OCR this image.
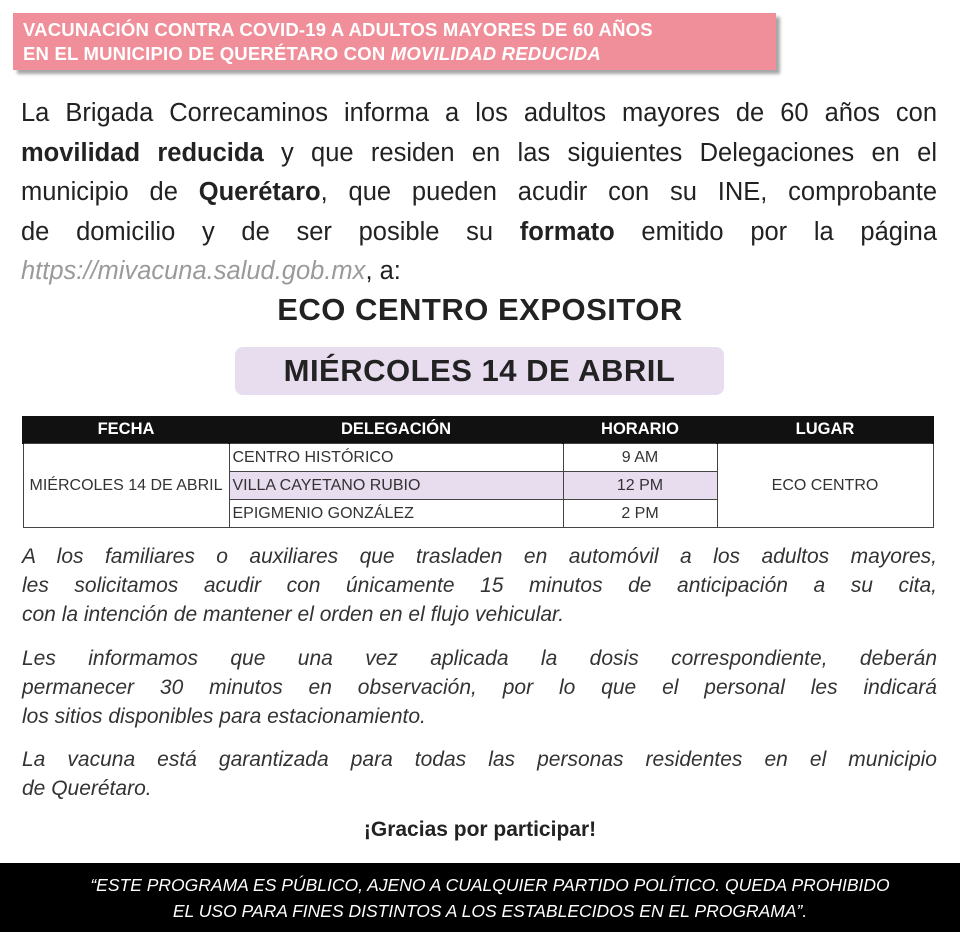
VACUNACIÓN CONTRA COVID-19 A ADULTOS MAYORES DE 60 AÑOS
EN EL MUNICIPIO DE QUERÉTARO CON MOVILIDAD REDUCIDA
La Brigada Correcaminos informa a los adultos mayores de 60 años con
movilidad reducida y que residen en las siguientes Delegaciones en el
municipio de Querétaro, que pueden acudir con su INE, comprobante
de domicilio y de ser posible su formato emitido por la página
https://mivacuna.salud.gob.mx, a:
ECO CENTRO EXPOSITOR
MIÉRCOLES 14 DE ABRIL
FECHA	DELEGACIÓN	HORARIO	LUGAR
MIÉRCOLES 14 DE ABRIL	CENTRO HISTÓRICO	9 AM	ECO CENTRO
	VILLA CAYETANO RUBIO	12 PM	
	EPIGMENIO GONZÁLEZ	2 PM	
A los familiares o auxiliares que trasladen en automóvil a los adultos mayores,
les solicitamos acudir con únicamente 15 minutos de anticipación a su cita,
con la intención de mantener el orden en el flujo vehicular.
Les informamos que una vez aplicada la dosis correspondiente, deberán
permanecer 30 minutos en observación, por lo que el personal les indicará
los sitios disponibles para estacionamiento.
La vacuna está garantizada para todas las personas residentes en el municipio
de Querétaro.
¡Gracias por participar!
“ESTE PROGRAMA ES PÚBLICO, AJENO A CUALQUIER PARTIDO POLÍTICO. QUEDA PROHIBIDO
EL USO PARA FINES DISTINTOS A LOS ESTABLECIDOS EN EL PROGRAMA”.
